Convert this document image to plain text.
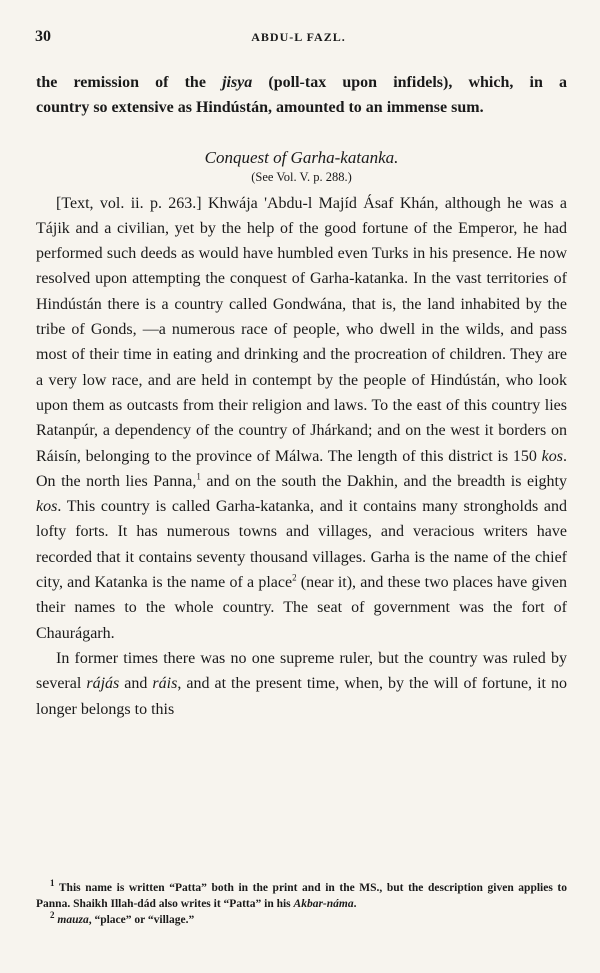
30	ABDU-L FAZL.

the remission of the jisya (poll-tax upon infidels), which, in a

country so extensive as Hindústán, amounted to an immense sum.

Conquest of Garha-katanka.
(See Vol. V. p. 288.)

[Text, vol. ii. p. 263.] Khwája 'Abdu-l Majíd Ásaf Khán, although he was a Tájik and a civilian, yet by the help of the good fortune of the Emperor, he had performed such deeds as would have humbled even Turks in his presence. He now resolved upon attempting the conquest of Garha-katanka. In the vast territories of Hindústán there is a country called Gondwána, that is, the land inhabited by the tribe of Gonds, —a numerous race of people, who dwell in the wilds, and pass most of their time in eating and drinking and the procreation of children. They are a very low race, and are held in contempt by the people of Hindústán, who look upon them as outcasts from their religion and laws. To the east of this country lies Ratanpúr, a dependency of the country of Jhárkand; and on the west it borders on Ráisín, belonging to the province of Málwa. The length of this district is 150 kos. On the north lies Panna,$^1$ and on the south the Dakhin, and the breadth is eighty kos. This country is called Garha-katanka, and it contains many strongholds and lofty forts. It has numerous towns and villages, and veracious writers have recorded that it contains seventy thousand villages. Garha is the name of the chief city, and Katanka is the name of a place$^2$ (near it), and these two places have given their names to the whole country. The seat of government was the fort of Chaurágarh.

In former times there was no one supreme ruler, but the country was ruled by several rájás and ráis, and at the present time, when, by the will of fortune, it no longer belongs to this

$^1$ This name is written “Patta” both in the print and in the MS., but the description given applies to Panna. Shaikh Illah-dád also writes it “Patta” in his Akbar-náma.

$^2$ mauza, “place” or “village.”
